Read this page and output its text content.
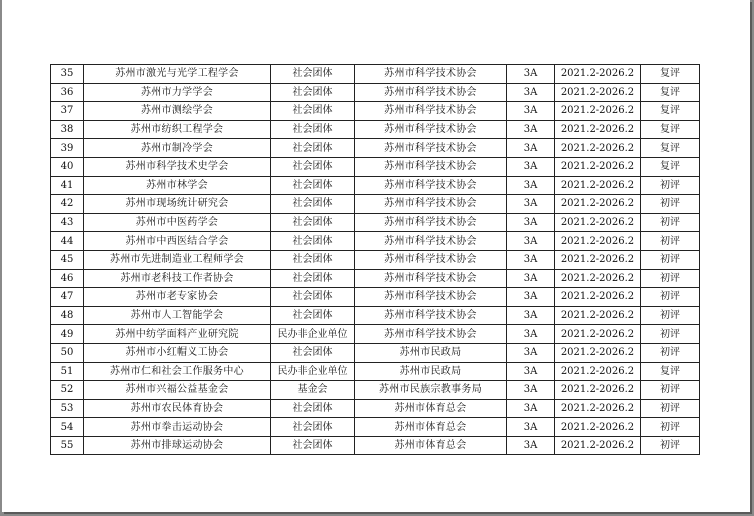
35	苏州市激光与光学工程学会	社会团体	苏州市科学技术协会	3A	2021.2-2026.2	复评
36	苏州市力学学会	社会团体	苏州市科学技术协会	3A	2021.2-2026.2	复评
37	苏州市测绘学会	社会团体	苏州市科学技术协会	3A	2021.2-2026.2	复评
38	苏州市纺织工程学会	社会团体	苏州市科学技术协会	3A	2021.2-2026.2	复评
39	苏州市制冷学会	社会团体	苏州市科学技术协会	3A	2021.2-2026.2	复评
40	苏州市科学技术史学会	社会团体	苏州市科学技术协会	3A	2021.2-2026.2	复评
41	苏州市林学会	社会团体	苏州市科学技术协会	3A	2021.2-2026.2	初评
42	苏州市现场统计研究会	社会团体	苏州市科学技术协会	3A	2021.2-2026.2	初评
43	苏州市中医药学会	社会团体	苏州市科学技术协会	3A	2021.2-2026.2	初评
44	苏州市中西医结合学会	社会团体	苏州市科学技术协会	3A	2021.2-2026.2	初评
45	苏州市先进制造业工程师学会	社会团体	苏州市科学技术协会	3A	2021.2-2026.2	初评
46	苏州市老科技工作者协会	社会团体	苏州市科学技术协会	3A	2021.2-2026.2	初评
47	苏州市老专家协会	社会团体	苏州市科学技术协会	3A	2021.2-2026.2	初评
48	苏州市人工智能学会	社会团体	苏州市科学技术协会	3A	2021.2-2026.2	初评
49	苏州中纺学面料产业研究院	民办非企业单位	苏州市科学技术协会	3A	2021.2-2026.2	初评
50	苏州市小红帽义工协会	社会团体	苏州市民政局	3A	2021.2-2026.2	初评
51	苏州市仁和社会工作服务中心	民办非企业单位	苏州市民政局	3A	2021.2-2026.2	复评
52	苏州市兴福公益基金会	基金会	苏州市民族宗教事务局	3A	2021.2-2026.2	初评
53	苏州市农民体育协会	社会团体	苏州市体育总会	3A	2021.2-2026.2	初评
54	苏州市拳击运动协会	社会团体	苏州市体育总会	3A	2021.2-2026.2	初评
55	苏州市排球运动协会	社会团体	苏州市体育总会	3A	2021.2-2026.2	初评
